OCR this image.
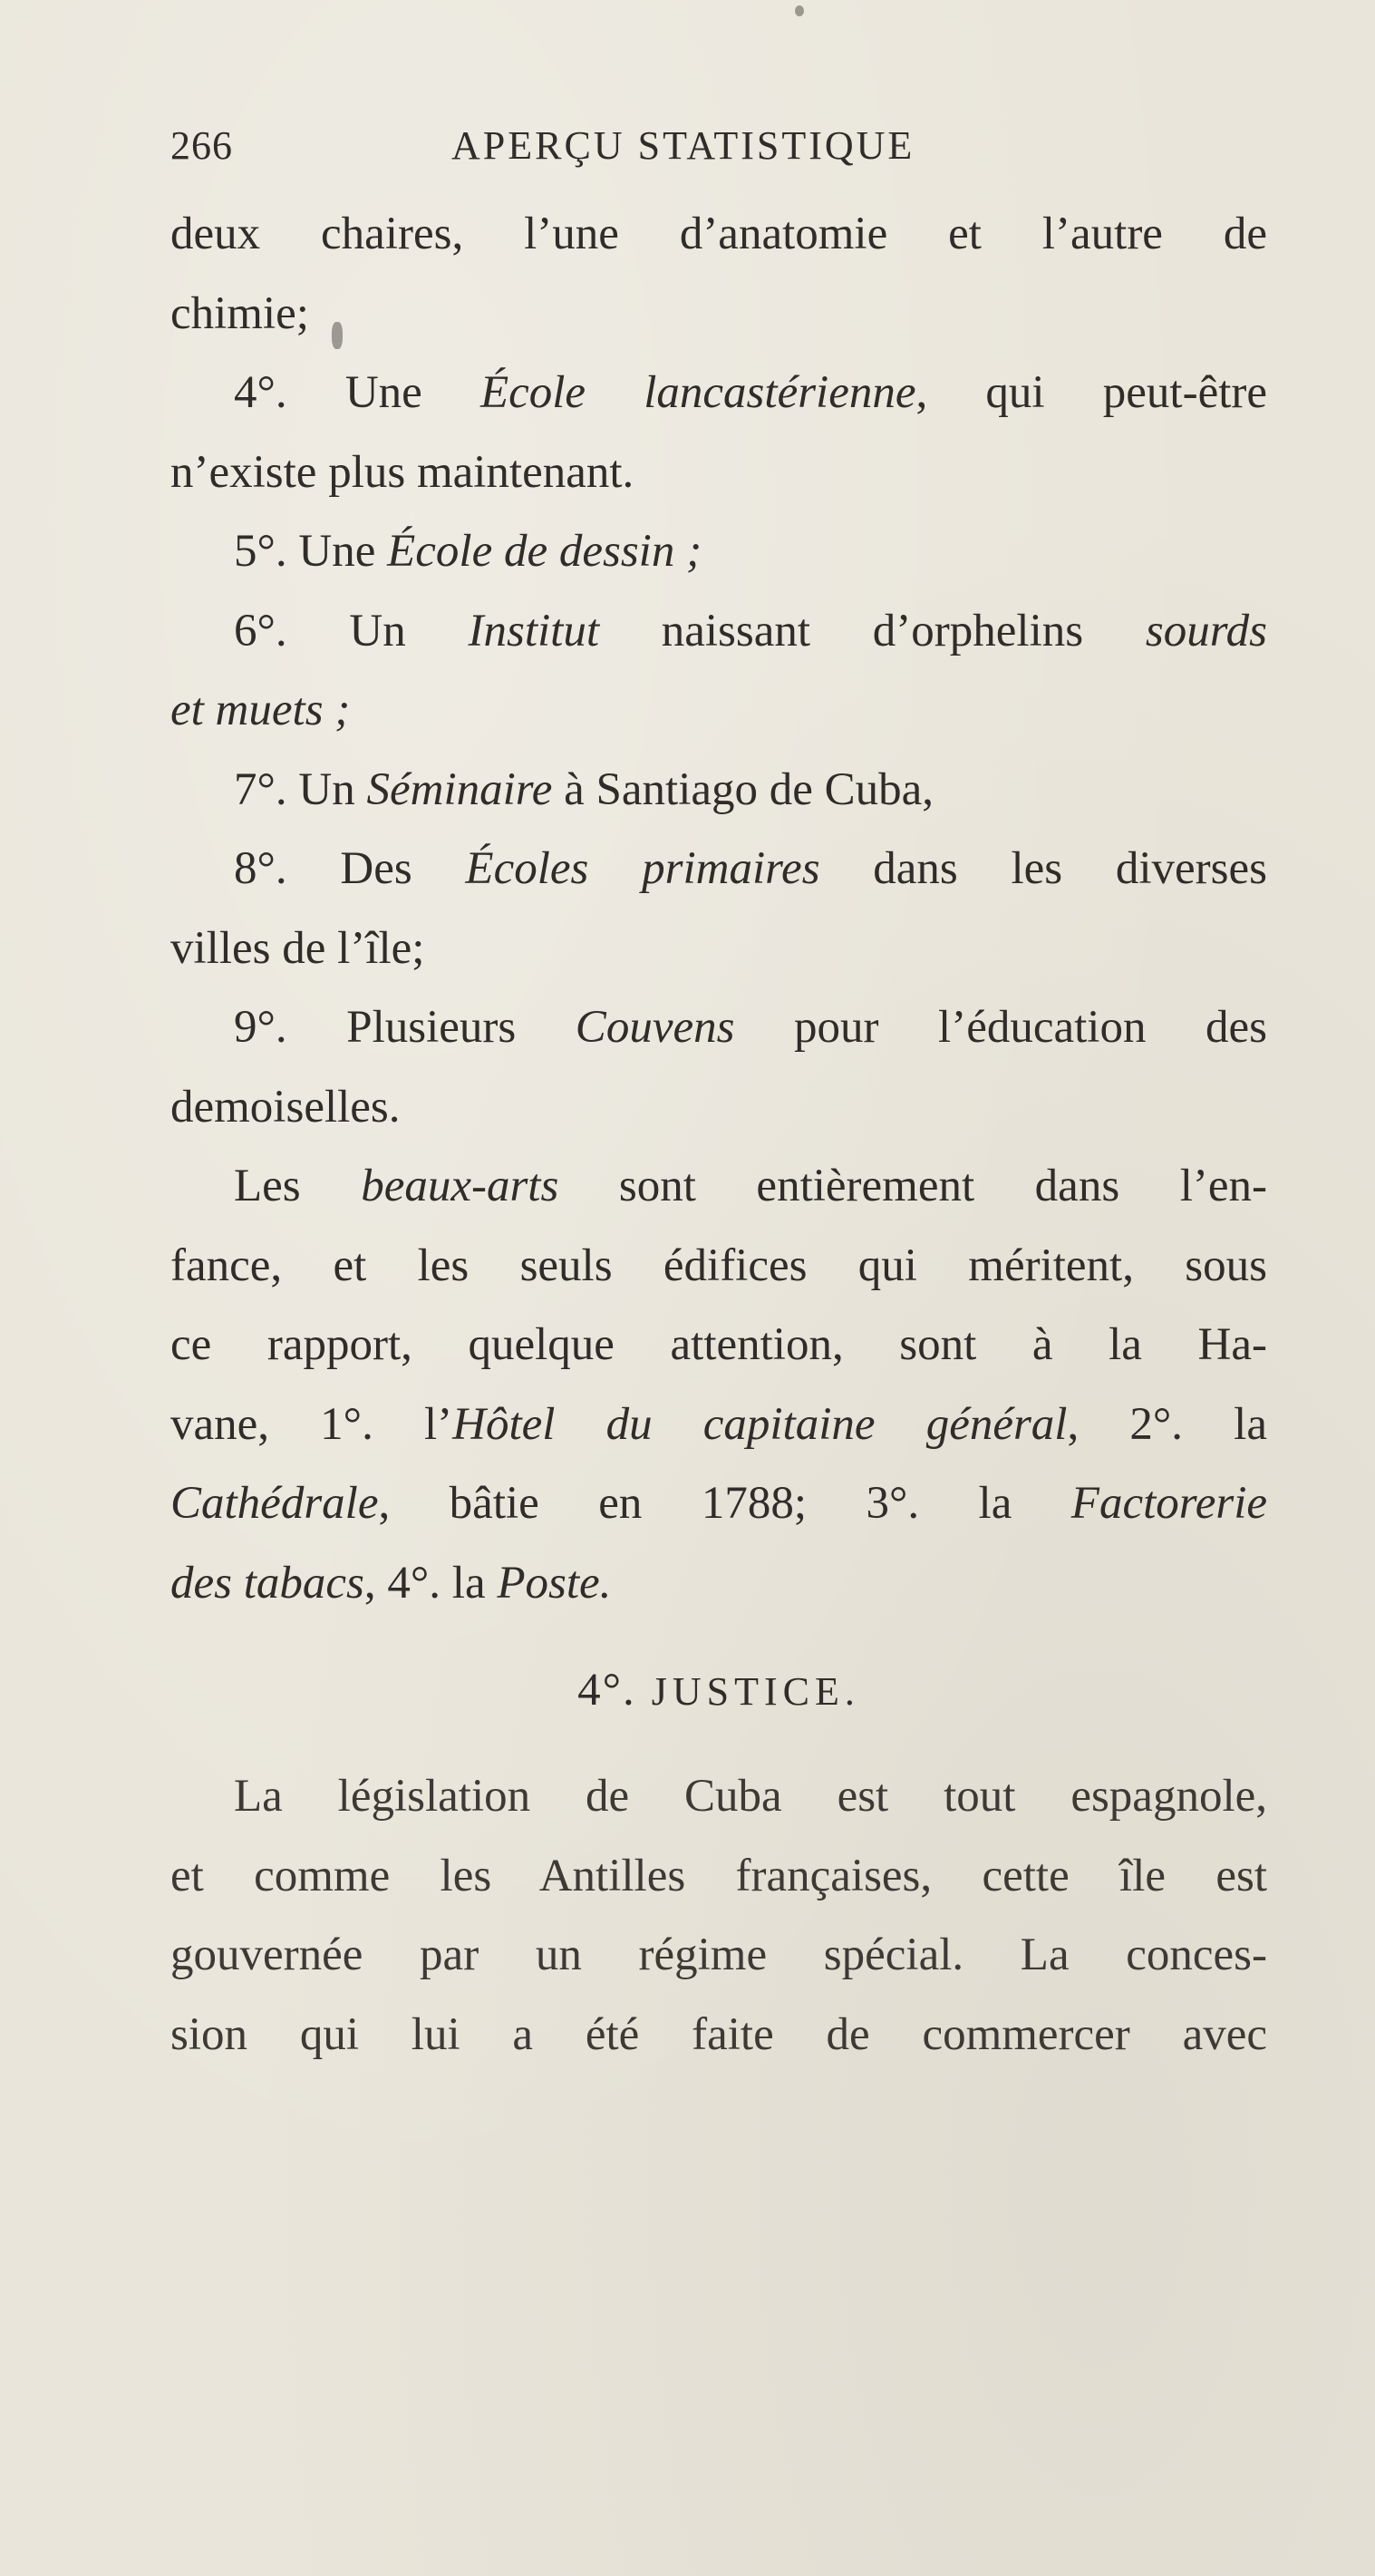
266	APERÇU STATISTIQUE
deux chaires, l’une d’anatomie et l’autre de
chimie;
4°. Une École lancastérienne, qui peut-être
n’existe plus maintenant.
5°. Une École de dessin ;
6°. Un Institut naissant d’orphelins sourds
et muets ;
7°. Un Séminaire à Santiago de Cuba,
8°. Des Écoles primaires dans les diverses
villes de l’île;
9°. Plusieurs Couvens pour l’éducation des
demoiselles.
Les beaux-arts sont entièrement dans l’en-
fance, et les seuls édifices qui méritent, sous
ce rapport, quelque attention, sont à la Ha-
vane, 1°. l’Hôtel du capitaine général, 2°. la
Cathédrale, bâtie en 1788; 3°. la Factorerie
des tabacs, 4°. la Poste.
4°. JUSTICE.
La législation de Cuba est tout espagnole,
et comme les Antilles françaises, cette île est
gouvernée par un régime spécial. La conces-
sion qui lui a été faite de commercer avec
